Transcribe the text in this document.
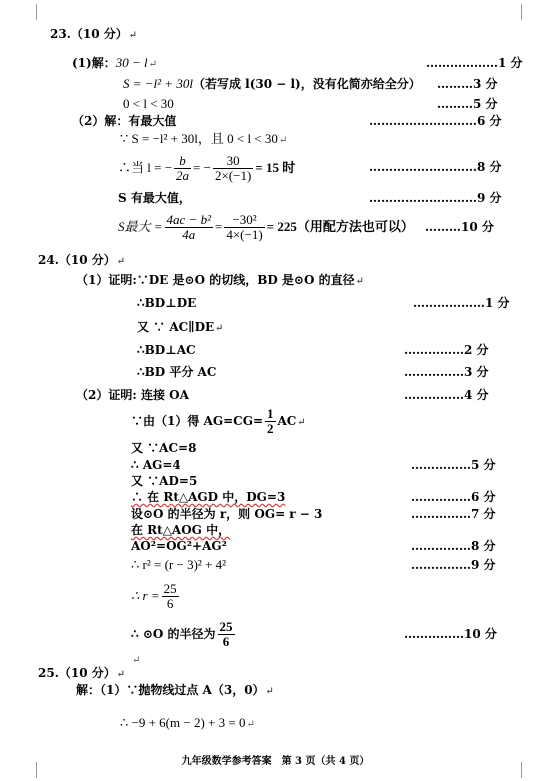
23.（10 分）↵
(1)解：30 − l↵	………………1 分
S = −l² + 30l（若写成 l(30 − l)，没有化简亦给全分） ………3 分
0 < l < 30	………5 分
（2）解：有最大值	………………………6 分
∵ S = −l² + 30l，且 0 < l < 30↵
∴当 l = − $\frac{b}{2a}$ = − $\frac{30}{2\times(-1)} = 15$ 时	………………………8 分
S 有最大值，	………………………9 分
S最大 = $\frac{\text{4ac − b²}}{4a} = \frac{\text{−30²}}{4\times(-1)} = 225$（用配方法也可以） ………10 分
24.（10 分）↵
（1）证明:∵DE 是⊙O 的切线，BD 是⊙O 的直径↵
∴BD⊥DE	………………1 分
又 ∵ AC∥DE↵
∴BD⊥AC	……………2 分
∴BD 平分 AC	……………3 分
（2）证明: 连接 OA	……………4 分
∵由（1）得 $AG=CG= \frac{1}{2}$ AC↵
又 ∵AC=8
∴ AG=4	……………5 分
又 ∵AD=5
∴ 在 Rt△AGD 中，DG=3	……………6 分
设⊙O 的半径为 r，则 OG= r − 3	……………7 分
在 Rt△AOG 中，
AO²=OG²+AG²	……………8 分
∴ r² = (r − 3)² + 4²	……………9 分
∴ $r = \frac{25}{6}$
∴ ⊙O 的半径为 $\frac{25}{6}$	……………10 分
↵
25.（10 分）↵
解：（1）∵抛物线过点 A（3，0）↵
∴ −9 + 6(m − 2) + 3 = 0↵
九年级数学参考答案　第 3 页（共 4 页）
